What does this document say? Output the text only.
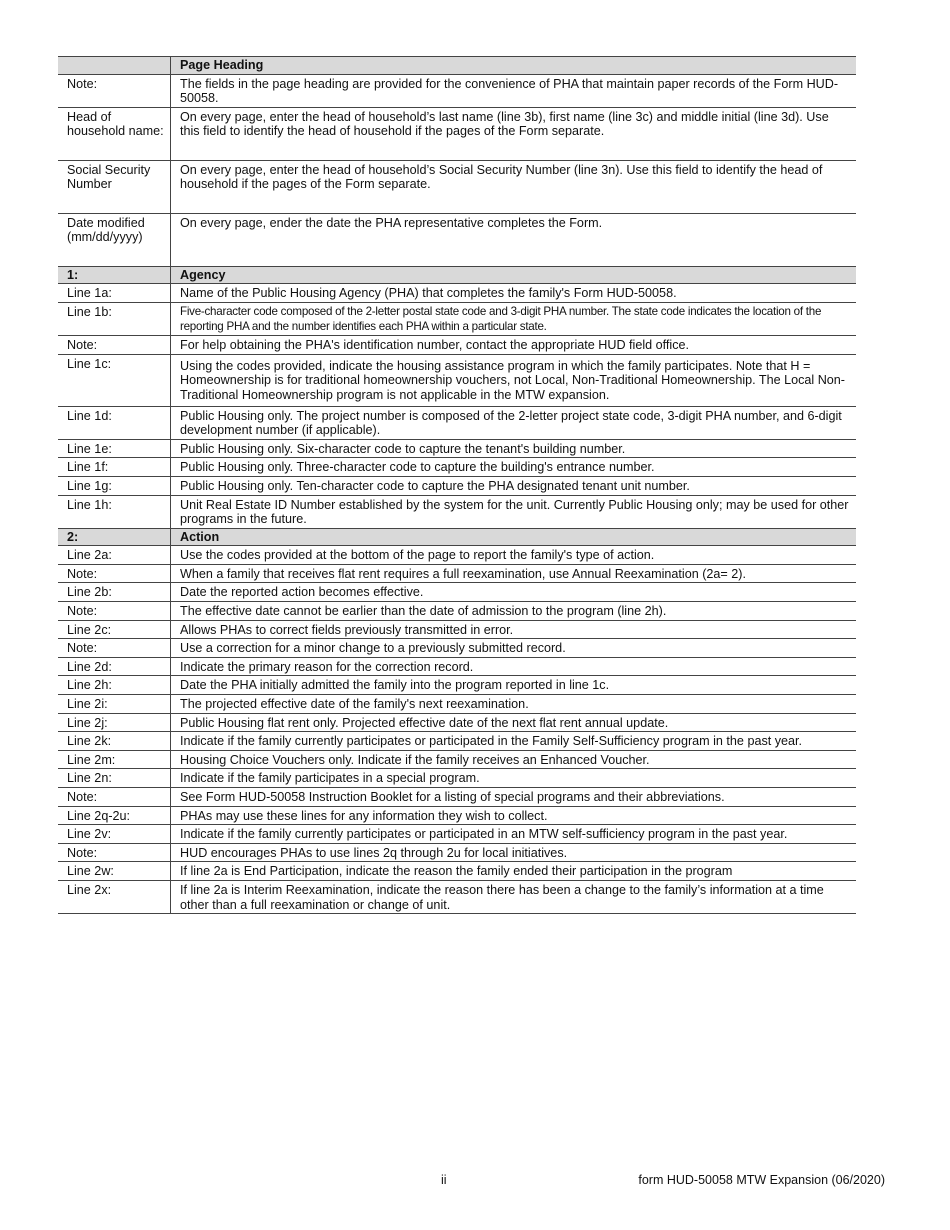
	Page Heading
Note:	The fields in the page heading are provided for the convenience of PHA that maintain paper records of the Form HUD-50058.
Head of household name:	On every page, enter the head of household’s last name (line 3b), first name (line 3c) and middle initial (line 3d). Use this field to identify the head of household if the pages of the Form separate.
Social Security Number	On every page, enter the head of household’s Social Security Number (line 3n). Use this field to identify the head of household if the pages of the Form separate.
Date modified (mm/dd/yyyy)	On every page, ender the date the PHA representative completes the Form.
1:	Agency
Line 1a:	Name of the Public Housing Agency (PHA) that completes the family's Form HUD-50058.
Line 1b:	Five-character code composed of the 2-letter postal state code and 3-digit PHA number. The state code indicates the location of the reporting PHA and the number identifies each PHA within a particular state.
Note:	For help obtaining the PHA's identification number, contact the appropriate HUD field office.
Line 1c:	Using the codes provided, indicate the housing assistance program in which the family participates. Note that H = Homeownership is for traditional homeownership vouchers, not Local, Non-Traditional Homeownership. The Local Non-Traditional Homeownership program is not applicable in the MTW expansion.
Line 1d:	Public Housing only. The project number is composed of the 2-letter project state code, 3-digit PHA number, and 6-digit development number (if applicable).
Line 1e:	Public Housing only. Six-character code to capture the tenant's building number.
Line 1f:	Public Housing only. Three-character code to capture the building's entrance number.
Line 1g:	Public Housing only. Ten-character code to capture the PHA designated tenant unit number.
Line 1h:	Unit Real Estate ID Number established by the system for the unit. Currently Public Housing only; may be used for other programs in the future.
2:	Action
Line 2a:	Use the codes provided at the bottom of the page to report the family's type of action.
Note:	When a family that receives flat rent requires a full reexamination, use Annual Reexamination (2a= 2).
Line 2b:	Date the reported action becomes effective.
Note:	The effective date cannot be earlier than the date of admission to the program (line 2h).
Line 2c:	Allows PHAs to correct fields previously transmitted in error.
Note:	Use a correction for a minor change to a previously submitted record.
Line 2d:	Indicate the primary reason for the correction record.
Line 2h:	Date the PHA initially admitted the family into the program reported in line 1c.
Line 2i:	The projected effective date of the family's next reexamination.
Line 2j:	Public Housing flat rent only. Projected effective date of the next flat rent annual update.
Line 2k:	Indicate if the family currently participates or participated in the Family Self-Sufficiency program in the past year.
Line 2m:	Housing Choice Vouchers only. Indicate if the family receives an Enhanced Voucher.
Line 2n:	Indicate if the family participates in a special program.
Note:	See Form HUD-50058 Instruction Booklet for a listing of special programs and their abbreviations.
Line 2q-2u:	PHAs may use these lines for any information they wish to collect.
Line 2v:	Indicate if the family currently participates or participated in an MTW self-sufficiency program in the past year.
Note:	HUD encourages PHAs to use lines 2q through 2u for local initiatives.
Line 2w:	If line 2a is End Participation, indicate the reason the family ended their participation in the program
Line 2x:	If line 2a is Interim Reexamination, indicate the reason there has been a change to the family’s information at a time other than a full reexamination or change of unit.
ii	form HUD-50058 MTW Expansion (06/2020)
